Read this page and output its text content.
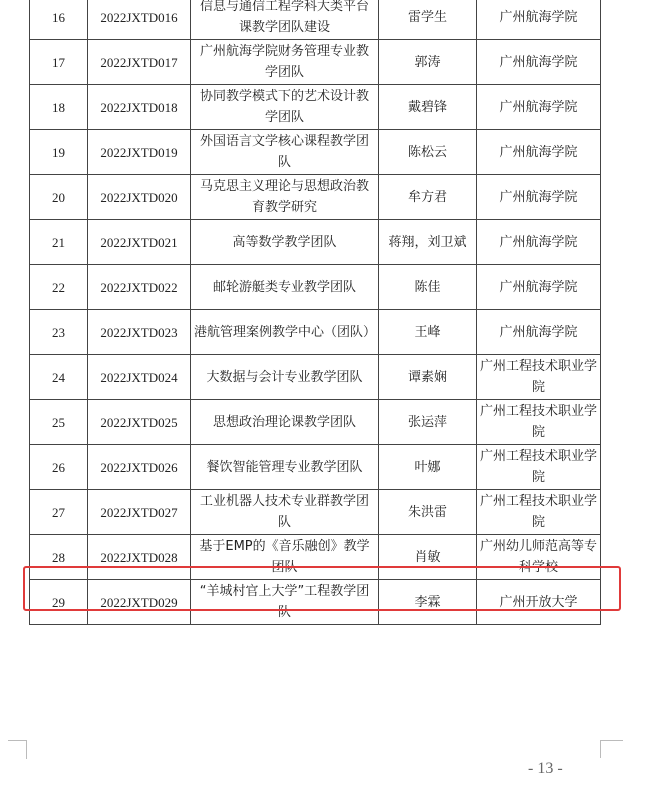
16	2022JXTD016	信息与通信工程学科大类平台课教学团队建设	雷学生	广州航海学院
17	2022JXTD017	广州航海学院财务管理专业教学团队	郭涛	广州航海学院
18	2022JXTD018	协同教学模式下的艺术设计教学团队	戴碧锋	广州航海学院
19	2022JXTD019	外国语言文学核心课程教学团队	陈松云	广州航海学院
20	2022JXTD020	马克思主义理论与思想政治教育教学研究	牟方君	广州航海学院
21	2022JXTD021	高等数学教学团队	蒋翔，刘卫斌	广州航海学院
22	2022JXTD022	邮轮游艇类专业教学团队	陈佳	广州航海学院
23	2022JXTD023	港航管理案例教学中心（团队）	王峰	广州航海学院
24	2022JXTD024	大数据与会计专业教学团队	谭素娴	广州工程技术职业学院
25	2022JXTD025	思想政治理论课教学团队	张运萍	广州工程技术职业学院
26	2022JXTD026	餐饮智能管理专业教学团队	叶娜	广州工程技术职业学院
27	2022JXTD027	工业机器人技术专业群教学团队	朱洪雷	广州工程技术职业学院
28	2022JXTD028	基于EMP的《音乐融创》教学团队	肖敏	广州幼儿师范高等专科学校
29	2022JXTD029	“羊城村官上大学”工程教学团队	李霖	广州开放大学
- 13 -
